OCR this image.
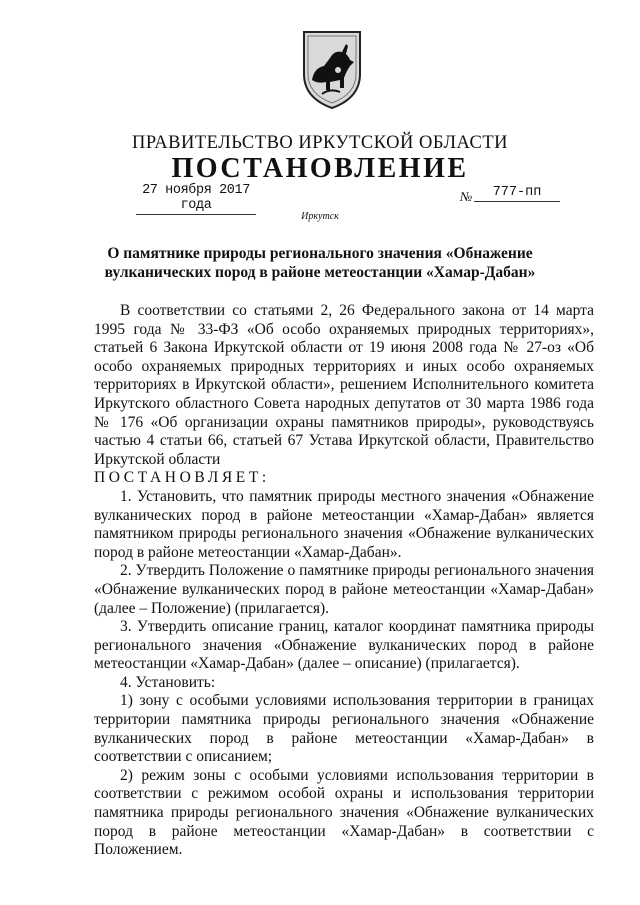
ПРАВИТЕЛЬСТВО ИРКУТСКОЙ ОБЛАСТИ
ПОСТАНОВЛЕНИЕ
27 ноября 2017 года
№	777-пп
Иркутск
О памятнике природы регионального значения «Обнажение вулканических пород в районе метеостанции «Хамар-Дабан»

В соответствии со статьями 2, 26 Федерального закона от 14 марта 1995 года № 33-ФЗ «Об особо охраняемых природных территориях», статьей 6 Закона Иркутской области от 19 июня 2008 года № 27-оз «Об особо охраняемых природных территориях и иных особо охраняемых территориях в Иркутской области», решением Исполнительного комитета Иркутского областного Совета народных депутатов от 30 марта 1986 года № 176 «Об организации охраны памятников природы», руководствуясь частью 4 статьи 66, статьей 67 Устава Иркутской области, Правительство Иркутской области

ПОСТАНОВЛЯЕТ:

1. Установить, что памятник природы местного значения «Обнажение вулканических пород в районе метеостанции «Хамар-Дабан» является памятником природы регионального значения «Обнажение вулканических пород в районе метеостанции «Хамар-Дабан».

2. Утвердить Положение о памятнике природы регионального значения «Обнажение вулканических пород в районе метеостанции «Хамар-Дабан» (далее – Положение) (прилагается).

3. Утвердить описание границ, каталог координат памятника природы регионального значения «Обнажение вулканических пород в районе метеостанции «Хамар-Дабан» (далее – описание) (прилагается).

4. Установить:

1) зону с особыми условиями использования территории в границах территории памятника природы регионального значения «Обнажение вулканических пород в районе метеостанции «Хамар-Дабан» в соответствии с описанием;

2) режим зоны с особыми условиями использования территории в соответствии с режимом особой охраны и использования территории памятника природы регионального значения «Обнажение вулканических пород в районе метеостанции «Хамар-Дабан» в соответствии с Положением.
